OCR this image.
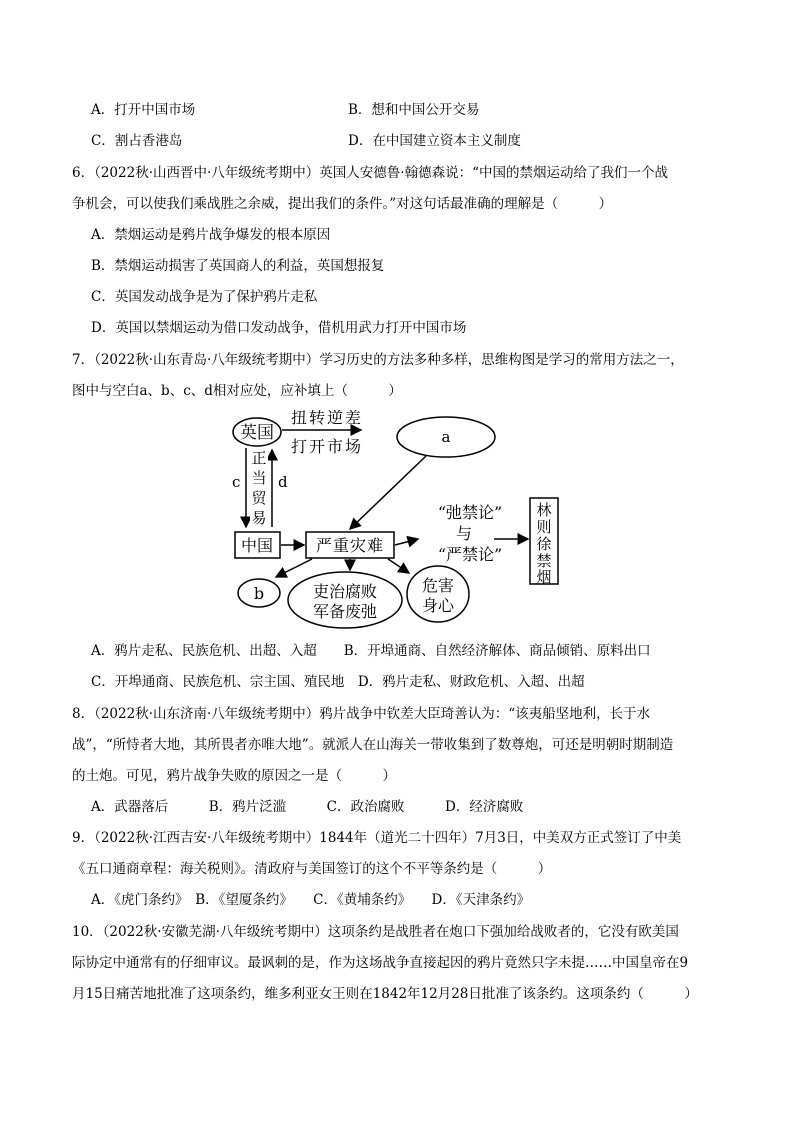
A．打开中国市场	B．想和中国公开交易
C．割占香港岛	D．在中国建立资本主义制度
6．（2022秋·山西晋中·八年级统考期中）英国人安德鲁·翰德森说：“中国的禁烟运动给了我们一个战
争机会，可以使我们乘战胜之余威，提出我们的条件。”对这句话最准确的理解是（　　　）
A．禁烟运动是鸦片战争爆发的根本原因
B．禁烟运动损害了英国商人的利益，英国想报复
C．英国发动战争是为了保护鸦片走私
D．英国以禁烟运动为借口发动战争，借机用武力打开中国市场
7．（2022秋·山东青岛·八年级统考期中）学习历史的方法多种多样，思维构图是学习的常用方法之一，
图中与空白a、b、c、d相对应处，应补填上（　　　）
英国
扭转逆差
打开市场	a
c	d
正
当
贸
易
中国	严重灾难
“弛禁论”
与
“严禁论”
林
则
徐
禁
烟
b	吏治腐败
军备废弛
危害
身心
A．鸦片走私、民族危机、出超、入超　　B．开埠通商、自然经济解体、商品倾销、原料出口
C．开埠通商、民族危机、宗主国、殖民地　D．鸦片走私、财政危机、入超、出超
8．（2022秋·山东济南·八年级统考期中）鸦片战争中钦差大臣琦善认为：“该夷船坚地利，长于水
战”，“所恃者大地，其所畏者亦唯大地”。就派人在山海关一带收集到了数尊炮，可还是明朝时期制造
的土炮。可见，鸦片战争失败的原因之一是（　　　）
A．武器落后　　　B．鸦片泛滥　　　C．政治腐败　　　D．经济腐败
9．（2022秋·江西吉安·八年级统考期中）1844年（道光二十四年）7月3日，中美双方正式签订了中美
《五口通商章程：海关税则》。清政府与美国签订的这个不平等条约是（　　　）
A．《虎门条约》　B．《望厦条约》　　C．《黄埔条约》　　D．《天津条约》
10．（2022秋·安徽芜湖·八年级统考期中）这项条约是战胜者在炮口下强加给战败者的，它没有欧美国
际协定中通常有的仔细审议。最讽刺的是，作为这场战争直接起因的鸦片竟然只字未提……中国皇帝在9
月15日痛苦地批准了这项条约，维多利亚女王则在1842年12月28日批准了该条约。这项条约（　　　）
